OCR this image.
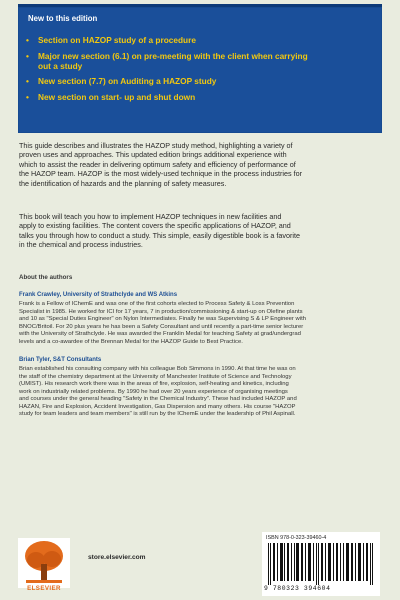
New to this edition
• Section on HAZOP study of a procedure
• Major new section (6.1) on pre-meeting with the client when carrying
out a study
• New section (7.7) on Auditing a HAZOP study
• New section on start- up and shut down

This guide describes and illustrates the HAZOP study method, highlighting a variety of
proven uses and approaches. This updated edition brings additional experience with
which to assist the reader in delivering optimum safety and efficiency of performance of
the HAZOP team. HAZOP is the most widely-used technique in the process industries for
the identification of hazards and the planning of safety measures.

This book will teach you how to implement HAZOP techniques in new facilities and
apply to existing facilities. The content covers the specific applications of HAZOP, and
talks you through how to conduct a study. This simple, easily digestible book is a favorite
in the chemical and process industries.

About the authors

Frank Crawley, University of Strathclyde and WS Atkins

Frank is a Fellow of IChemE and was one of the first cohorts elected to Process Safety & Loss Prevention
Specialist in 1985. He worked for ICI for 17 years, 7 in production/commissioning & start-up on Olefine plants
and 10 as "Special Duties Engineer" on Nylon Intermediates. Finally he was Supervising S & LP Engineer with
BNOC/Britoil. For 20 plus years he has been a Safety Consultant and until recently a part-time senior lecturer
with the University of Strathclyde. He was awarded the Franklin Medal for teaching Safety at grad/undergrad
levels and a co-awardee of the Brennan Medal for the HAZOP Guide to Best Practice.

Brian Tyler, S&T Consultants

Brian established his consulting company with his colleague Bob Simmons in 1990. At that time he was on
the staff of the chemistry department at the University of Manchester Institute of Science and Technology
(UMIST). His research work there was in the areas of fire, explosion, self-heating and kinetics, including
work on industrially related problems. By 1990 he had over 20 years experience of organising meetings
and courses under the general heading "Safety in the Chemical Industry". These had included HAZOP and
HAZAN, Fire and Explosion, Accident Investigation, Gas Dispersion and many others. His course "HAZOP
study for team leaders and team members" is still run by the IChemE under the leadership of Phil Aspinall.

ELSEVIER
store.elsevier.com
ISBN 978-0-323-39460-4
9 780323 394604
